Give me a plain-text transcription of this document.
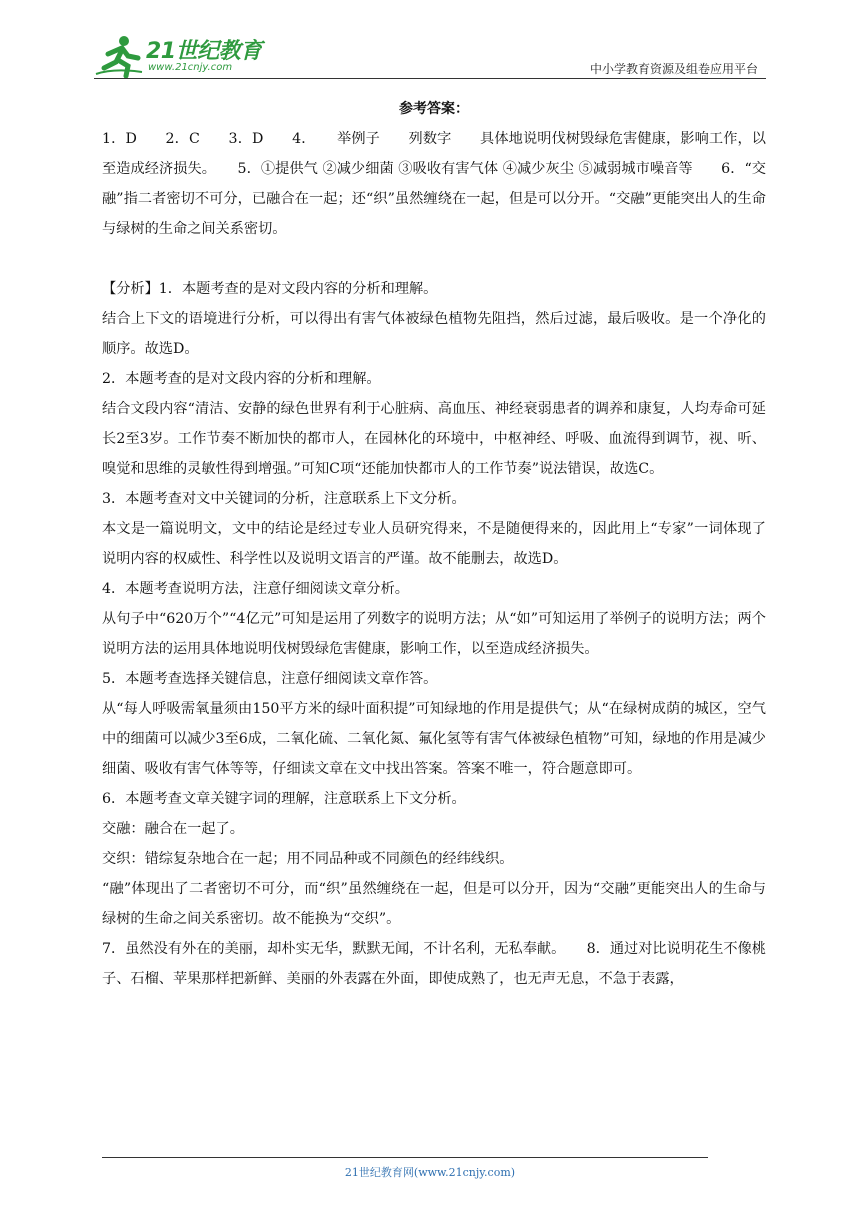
21世纪教育
www.21cnjy.com	中小学教育资源及组卷应用平台
参考答案：

1．D　　2．C　　3．D　　4．　　举例子　　列数字　　具体地说明伐树毁绿危害健康，影响工作，以至造成经济损失。　　5．①提供气 ②减少细菌 ③吸收有害气体 ④减少灰尘 ⑤减弱城市噪音等　　6．“交融”指二者密切不可分，已融合在一起；还“织”虽然缠绕在一起，但是可以分开。“交融”更能突出人的生命与绿树的生命之间关系密切。

【分析】1．本题考查的是对文段内容的分析和理解。

结合上下文的语境进行分析，可以得出有害气体被绿色植物先阻挡，然后过滤，最后吸收。是一个净化的顺序。故选D。

2．本题考查的是对文段内容的分析和理解。

结合文段内容“清洁、安静的绿色世界有利于心脏病、高血压、神经衰弱患者的调养和康复，人均寿命可延长2至3岁。工作节奏不断加快的都市人，在园林化的环境中，中枢神经、呼吸、血流得到调节，视、听、嗅觉和思维的灵敏性得到增强。”可知C项“还能加快都市人的工作节奏”说法错误，故选C。

3．本题考查对文中关键词的分析，注意联系上下文分析。

本文是一篇说明文，文中的结论是经过专业人员研究得来，不是随便得来的，因此用上“专家”一词体现了说明内容的权威性、科学性以及说明文语言的严谨。故不能删去，故选D。

4．本题考查说明方法，注意仔细阅读文章分析。

从句子中“620万个”“4亿元”可知是运用了列数字的说明方法；从“如”可知运用了举例子的说明方法；两个说明方法的运用具体地说明伐树毁绿危害健康，影响工作，以至造成经济损失。

5．本题考查选择关键信息，注意仔细阅读文章作答。

从“每人呼吸需氧量须由150平方米的绿叶面积提”可知绿地的作用是提供气；从“在绿树成荫的城区，空气中的细菌可以减少3至6成，二氧化硫、二氧化氮、氟化氢等有害气体被绿色植物”可知，绿地的作用是减少细菌、吸收有害气体等等，仔细读文章在文中找出答案。答案不唯一，符合题意即可。

6．本题考查文章关键字词的理解，注意联系上下文分析。

交融：融合在一起了。

交织：错综复杂地合在一起；用不同品种或不同颜色的经纬线织。

“融”体现出了二者密切不可分，而“织”虽然缠绕在一起，但是可以分开，因为“交融”更能突出人的生命与绿树的生命之间关系密切。故不能换为“交织”。

7．虽然没有外在的美丽，却朴实无华，默默无闻，不计名利，无私奉献。　　8．通过对比说明花生不像桃子、石榴、苹果那样把新鲜、美丽的外表露在外面，即使成熟了，也无声无息，不急于表露，

21世纪教育网(www.21cnjy.com)
